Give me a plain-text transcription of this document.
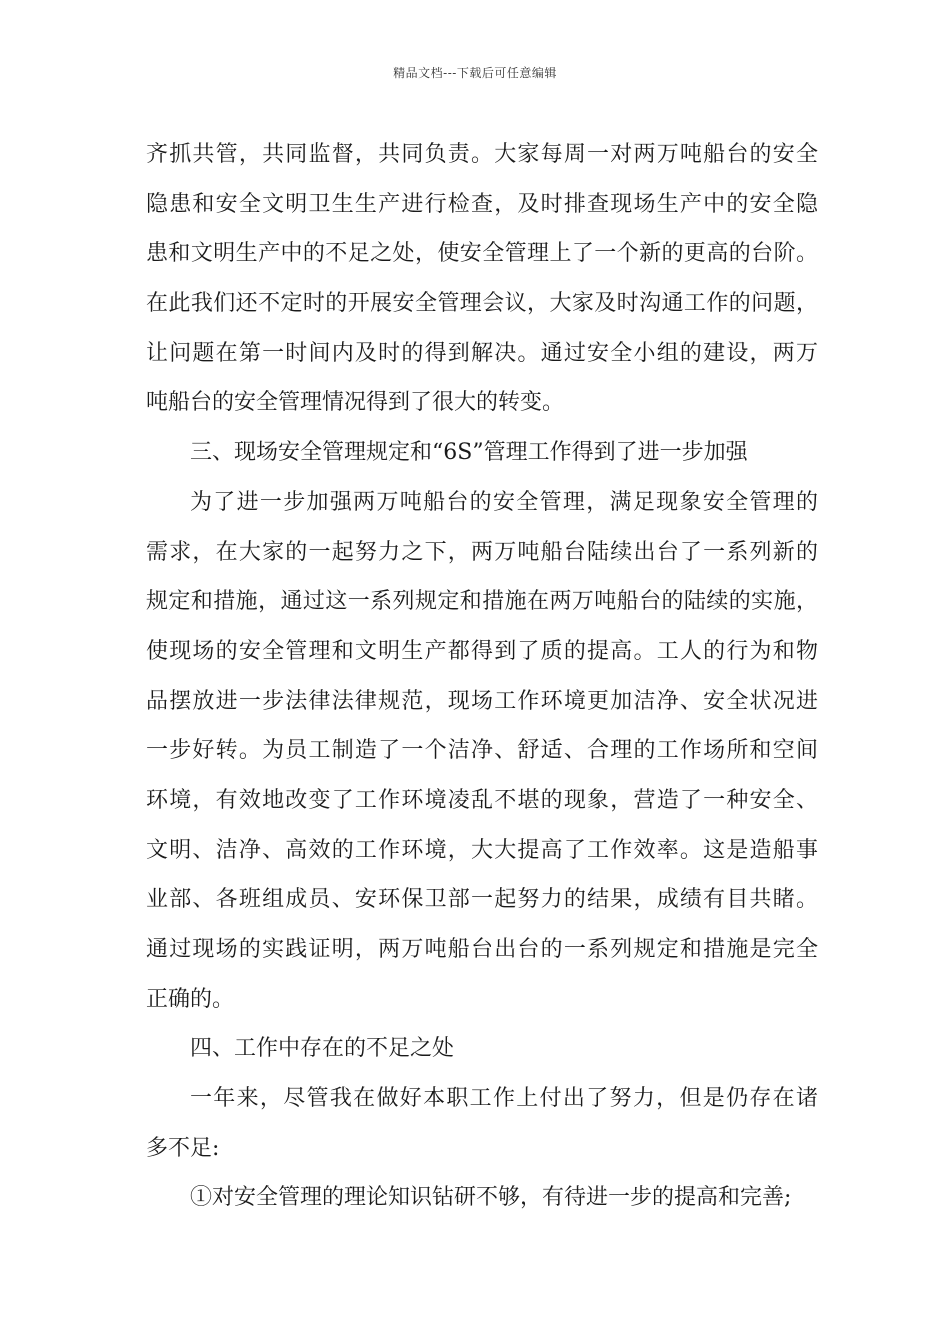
精品文档---下载后可任意编辑
齐抓共管，共同监督，共同负责。大家每周一对两万吨船台的安全
隐患和安全文明卫生生产进行检查，及时排查现场生产中的安全隐
患和文明生产中的不足之处，使安全管理上了一个新的更高的台阶。
在此我们还不定时的开展安全管理会议，大家及时沟通工作的问题，
让问题在第一时间内及时的得到解决。通过安全小组的建设，两万
吨船台的安全管理情况得到了很大的转变。
三、现场安全管理规定和“6S”管理工作得到了进一步加强
为了进一步加强两万吨船台的安全管理，满足现象安全管理的
需求，在大家的一起努力之下，两万吨船台陆续出台了一系列新的
规定和措施，通过这一系列规定和措施在两万吨船台的陆续的实施，
使现场的安全管理和文明生产都得到了质的提高。工人的行为和物
品摆放进一步法律法律规范，现场工作环境更加洁净、安全状况进
一步好转。为员工制造了一个洁净、舒适、合理的工作场所和空间
环境，有效地改变了工作环境凌乱不堪的现象，营造了一种安全、
文明、洁净、高效的工作环境，大大提高了工作效率。这是造船事
业部、各班组成员、安环保卫部一起努力的结果，成绩有目共睹。
通过现场的实践证明，两万吨船台出台的一系列规定和措施是完全
正确的。
四、工作中存在的不足之处
一年来，尽管我在做好本职工作上付出了努力，但是仍存在诸
多不足:
①对安全管理的理论知识钻研不够，有待进一步的提高和完善;
